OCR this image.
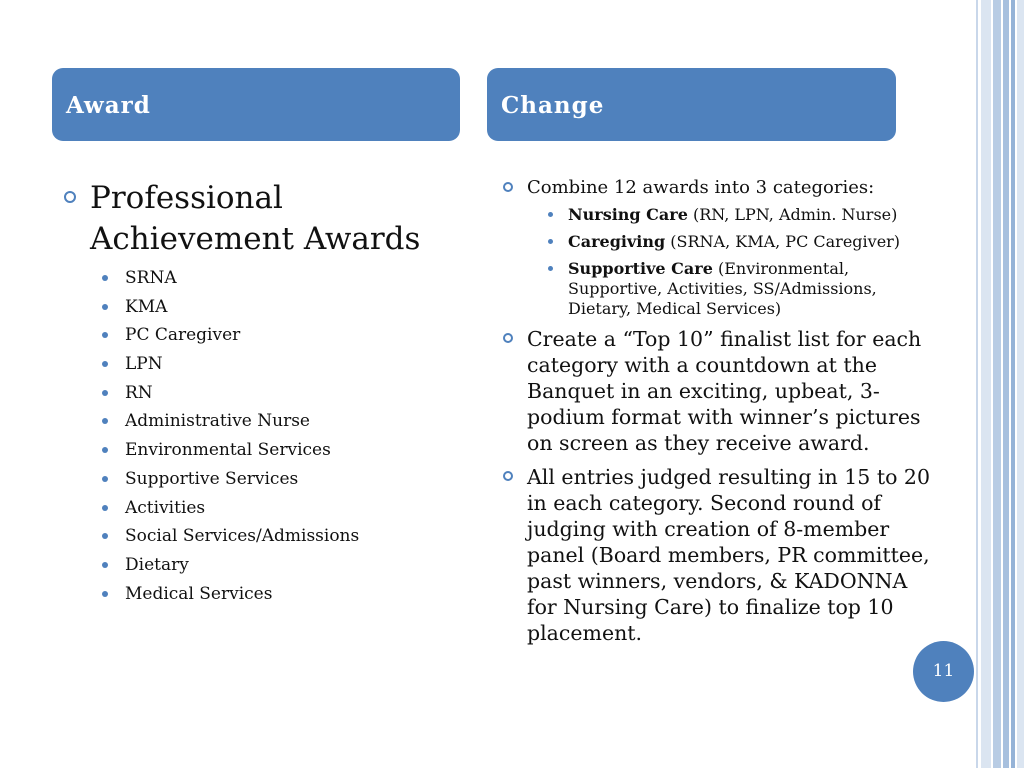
Award	Change
Professional Achievement Awards
SRNA
KMA
PC Caregiver
LPN
RN
Administrative Nurse
Environmental Services
Supportive Services
Activities
Social Services/Admissions
Dietary
Medical Services
Combine 12 awards into 3 categories:
Nursing Care (RN, LPN, Admin. Nurse)
Caregiving (SRNA, KMA, PC Caregiver)
Supportive Care (Environmental, Supportive, Activities, SS/Admissions, Dietary, Medical Services)
Create a “Top 10” finalist list for each category with a countdown at the Banquet in an exciting, upbeat, 3-podium format with winner’s pictures on screen as they receive award.
All entries judged resulting in 15 to 20 in each category. Second round of judging with creation of 8-member panel (Board members, PR committee, past winners, vendors, & KADONNA for Nursing Care) to finalize top 10 placement.
11
